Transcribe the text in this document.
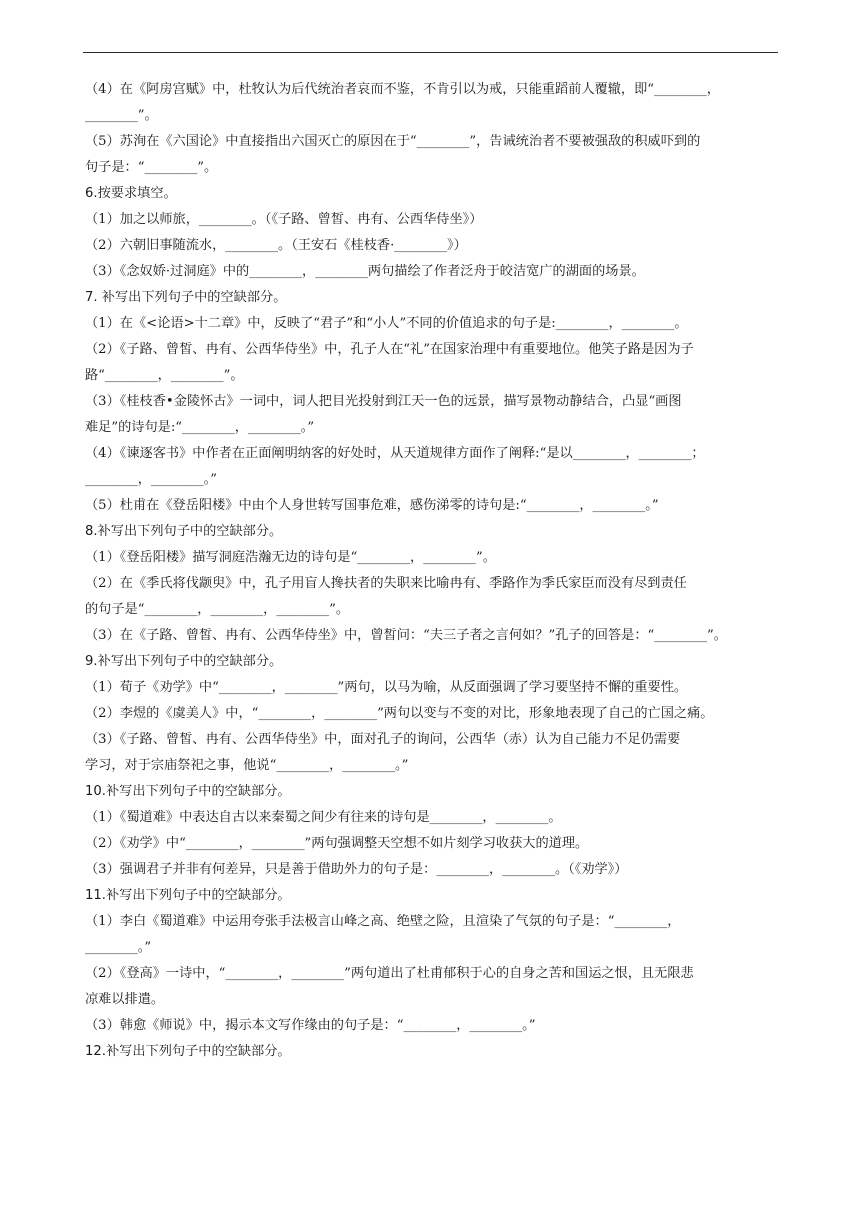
（4）在《阿房宫赋》中，杜牧认为后代统治者哀而不鉴，不肯引以为戒，只能重蹈前人覆辙，即“________，
________”。
（5）苏洵在《六国论》中直接指出六国灭亡的原因在于“________”，告诫统治者不要被强敌的积威吓到的
句子是：“________”。
6.按要求填空。
（1）加之以师旅，________。（《子路、曾皙、冉有、公西华侍坐》）
（2）六朝旧事随流水，________。（王安石《桂枝香·________》）
（3）《念奴娇·过洞庭》中的________，________两句描绘了作者泛舟于皎洁宽广的湖面的场景。
7. 补写出下列句子中的空缺部分。
（1）在《<论语>十二章》中，反映了“君子”和“小人”不同的价值追求的句子是:________，________。
（2）《子路、曾皙、冉有、公西华侍坐》中，孔子人在“礼”在国家治理中有重要地位。他笑子路是因为子
路“________，________”。
（3）《桂枝香•金陵怀古》一词中，词人把目光投射到江天一色的远景，描写景物动静结合，凸显“画图
难足”的诗句是:“________，________。”
（4）《谏逐客书》中作者在正面阐明纳客的好处时，从天道规律方面作了阐释:“是以________，________；
________，________。”
（5）杜甫在《登岳阳楼》中由个人身世转写国事危难，感伤涕零的诗句是:“________，________。”
8.补写出下列句子中的空缺部分。
（1）《登岳阳楼》描写洞庭浩瀚无边的诗句是“________，________”。
（2）在《季氏将伐颛臾》中，孔子用盲人搀扶者的失职来比喻冉有、季路作为季氏家臣而没有尽到责任
的句子是“________，________，________”。
（3）在《子路、曾皙、冉有、公西华侍坐》中，曾皙问：“夫三子者之言何如？”孔子的回答是：“________”。
9.补写出下列句子中的空缺部分。
（1）荀子《劝学》中“________，________”两句，以马为喻，从反面强调了学习要坚持不懈的重要性。
（2）李煜的《虞美人》中，“________，________”两句以变与不变的对比，形象地表现了自己的亡国之痛。
（3）《子路、曾皙、冉有、公西华侍坐》中，面对孔子的询问，公西华（赤）认为自己能力不足仍需要
学习，对于宗庙祭祀之事，他说“________，________。”
10.补写出下列句子中的空缺部分。
（1）《蜀道难》中表达自古以来秦蜀之间少有往来的诗句是________，________。
（2）《劝学》中“________，________”两句强调整天空想不如片刻学习收获大的道理。
（3）强调君子并非有何差异，只是善于借助外力的句子是：________，________。（《劝学》）
11.补写出下列句子中的空缺部分。
（1）李白《蜀道难》中运用夸张手法极言山峰之高、绝壁之险，且渲染了气氛的句子是：“________，
________。”
（2）《登高》一诗中，“________，________”两句道出了杜甫郁积于心的自身之苦和国运之恨，且无限悲
凉难以排遣。
（3）韩愈《师说》中，揭示本文写作缘由的句子是：“________，________。”
12.补写出下列句子中的空缺部分。
